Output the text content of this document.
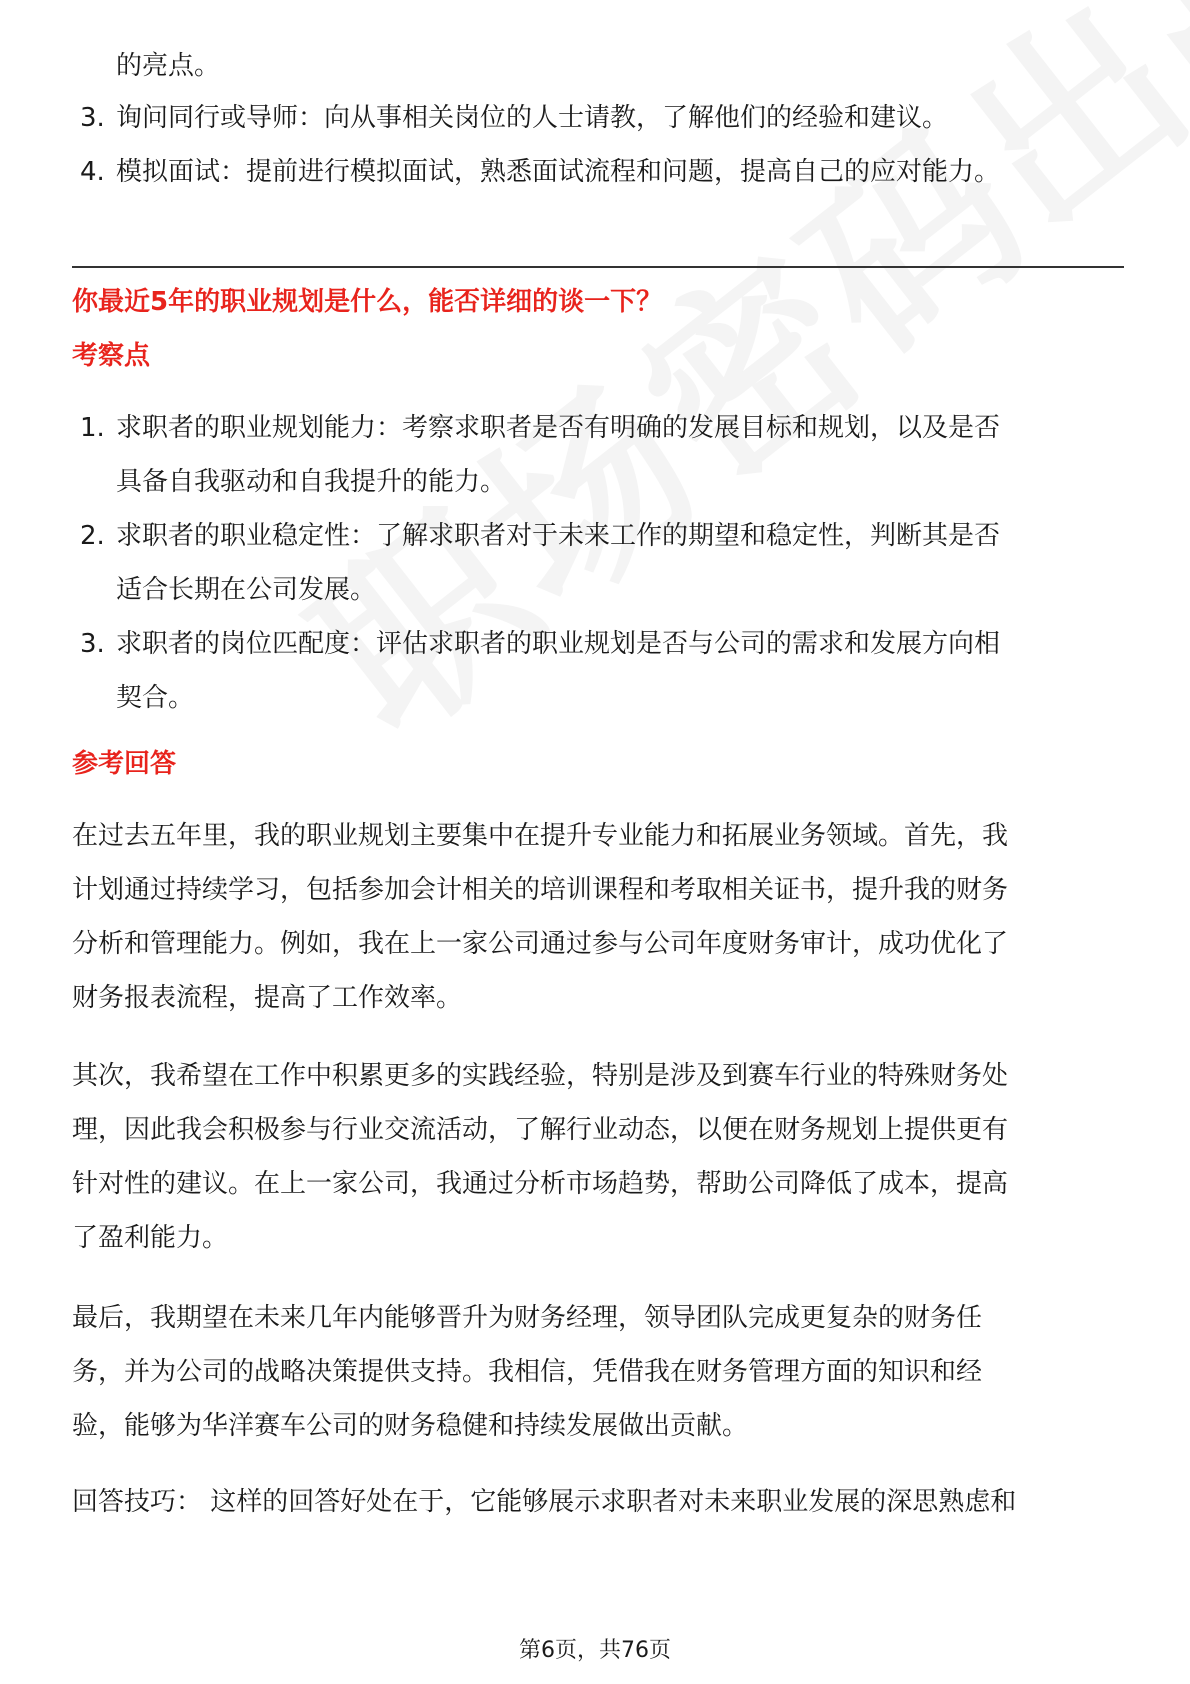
的亮点。
3. 询问同行或导师：向从事相关岗位的人士请教，了解他们的经验和建议。
4. 模拟面试：提前进行模拟面试，熟悉面试流程和问题，提高自己的应对能力。
你最近5年的职业规划是什么，能否详细的谈一下？
考察点
1. 求职者的职业规划能力：考察求职者是否有明确的发展目标和规划，以及是否
具备自我驱动和自我提升的能力。
2. 求职者的职业稳定性：了解求职者对于未来工作的期望和稳定性，判断其是否
适合长期在公司发展。
3. 求职者的岗位匹配度：评估求职者的职业规划是否与公司的需求和发展方向相
契合。
参考回答
在过去五年里，我的职业规划主要集中在提升专业能力和拓展业务领域。首先，我
计划通过持续学习，包括参加会计相关的培训课程和考取相关证书，提升我的财务
分析和管理能力。例如，我在上一家公司通过参与公司年度财务审计，成功优化了
财务报表流程，提高了工作效率。
其次，我希望在工作中积累更多的实践经验，特别是涉及到赛车行业的特殊财务处
理，因此我会积极参与行业交流活动，了解行业动态，以便在财务规划上提供更有
针对性的建议。在上一家公司，我通过分析市场趋势，帮助公司降低了成本，提高
了盈利能力。
最后，我期望在未来几年内能够晋升为财务经理，领导团队完成更复杂的财务任
务，并为公司的战略决策提供支持。我相信，凭借我在财务管理方面的知识和经
验，能够为华洋赛车公司的财务稳健和持续发展做出贡献。
回答技巧： 这样的回答好处在于，它能够展示求职者对未来职业发展的深思熟虑和
第6页，共76页
